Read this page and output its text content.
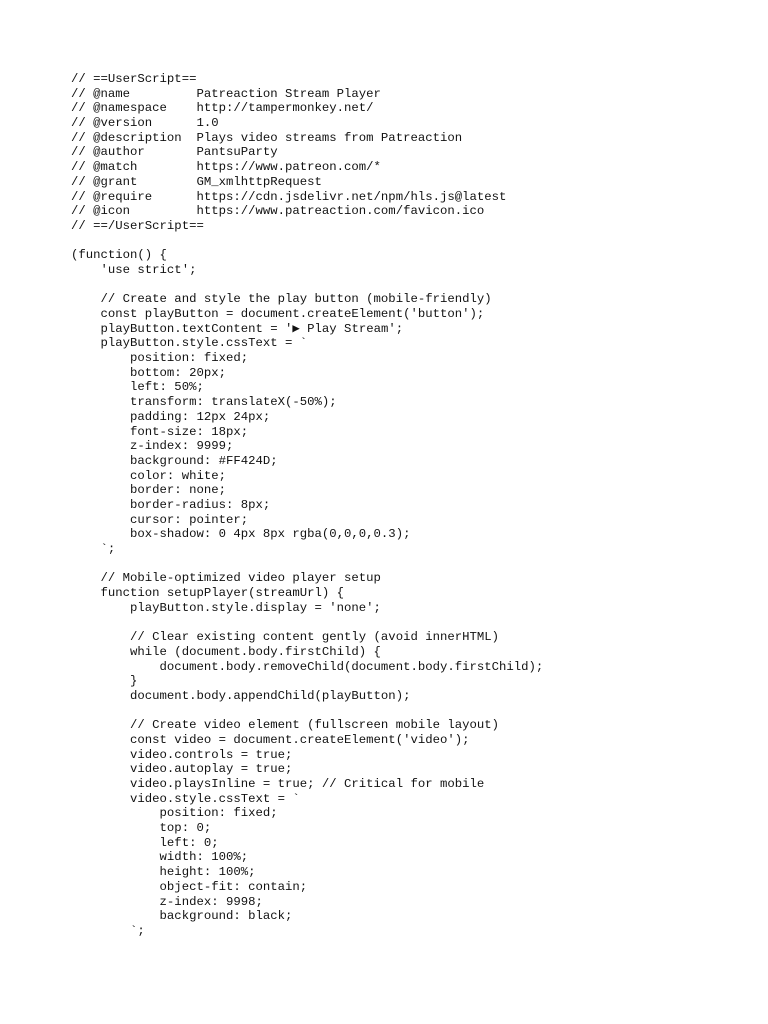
// ==UserScript==
// @name         Patreaction Stream Player
// @namespace    http://tampermonkey.net/
// @version      1.0
// @description  Plays video streams from Patreaction
// @author       PantsuParty
// @match        https://www.patreon.com/*
// @grant        GM_xmlhttpRequest
// @require      https://cdn.jsdelivr.net/npm/hls.js@latest
// @icon         https://www.patreaction.com/favicon.ico
// ==/UserScript==
(function() {
'use strict';
// Create and style the play button (mobile-friendly)
const playButton = document.createElement('button');
playButton.textContent = '▶ Play Stream';
playButton.style.cssText = `
position: fixed;
bottom: 20px;
left: 50%;
transform: translateX(-50%);
padding: 12px 24px;
font-size: 18px;
z-index: 9999;
background: #FF424D;
color: white;
border: none;
border-radius: 8px;
cursor: pointer;
box-shadow: 0 4px 8px rgba(0,0,0,0.3);
`;
// Mobile-optimized video player setup
function setupPlayer(streamUrl) {
playButton.style.display = 'none';
// Clear existing content gently (avoid innerHTML)
while (document.body.firstChild) {
document.body.removeChild(document.body.firstChild);
}
document.body.appendChild(playButton);
// Create video element (fullscreen mobile layout)
const video = document.createElement('video');
video.controls = true;
video.autoplay = true;
video.playsInline = true; // Critical for mobile
video.style.cssText = `
position: fixed;
top: 0;
left: 0;
width: 100%;
height: 100%;
object-fit: contain;
z-index: 9998;
background: black;
`;
